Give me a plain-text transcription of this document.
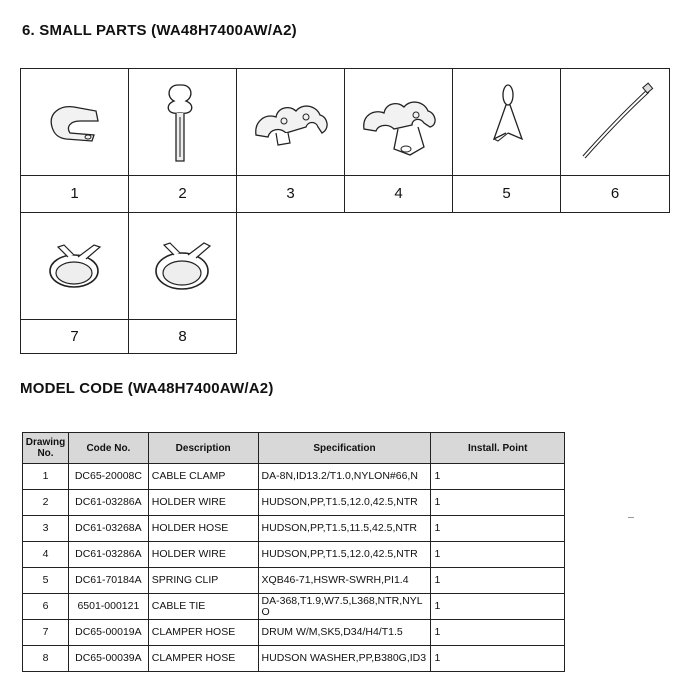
6. SMALL PARTS (WA48H7400AW/A2)
1	2	3	4	5	6
7	8
MODEL CODE (WA48H7400AW/A2)
Drawing No.	Code No.	Description	Specification	Install. Point
1	DC65-20008C	CABLE CLAMP	DA-8N,ID13.2/T1.0,NYLON#66,N	1
2	DC61-03286A	HOLDER WIRE	HUDSON,PP,T1.5,12.0,42.5,NTR	1
3	DC61-03268A	HOLDER HOSE	HUDSON,PP,T1.5,11.5,42.5,NTR	1
4	DC61-03286A	HOLDER WIRE	HUDSON,PP,T1.5,12.0,42.5,NTR	1
5	DC61-70184A	SPRING CLIP	XQB46-71,HSWR-SWRH,PI1.4	1
6	6501-000121	CABLE TIE	DA-368,T1.9,W7.5,L368,NTR,NYLO	1
7	DC65-00019A	CLAMPER HOSE	DRUM W/M,SK5,D34/H4/T1.5	1
8	DC65-00039A	CLAMPER HOSE	HUDSON WASHER,PP,B380G,ID3	1
